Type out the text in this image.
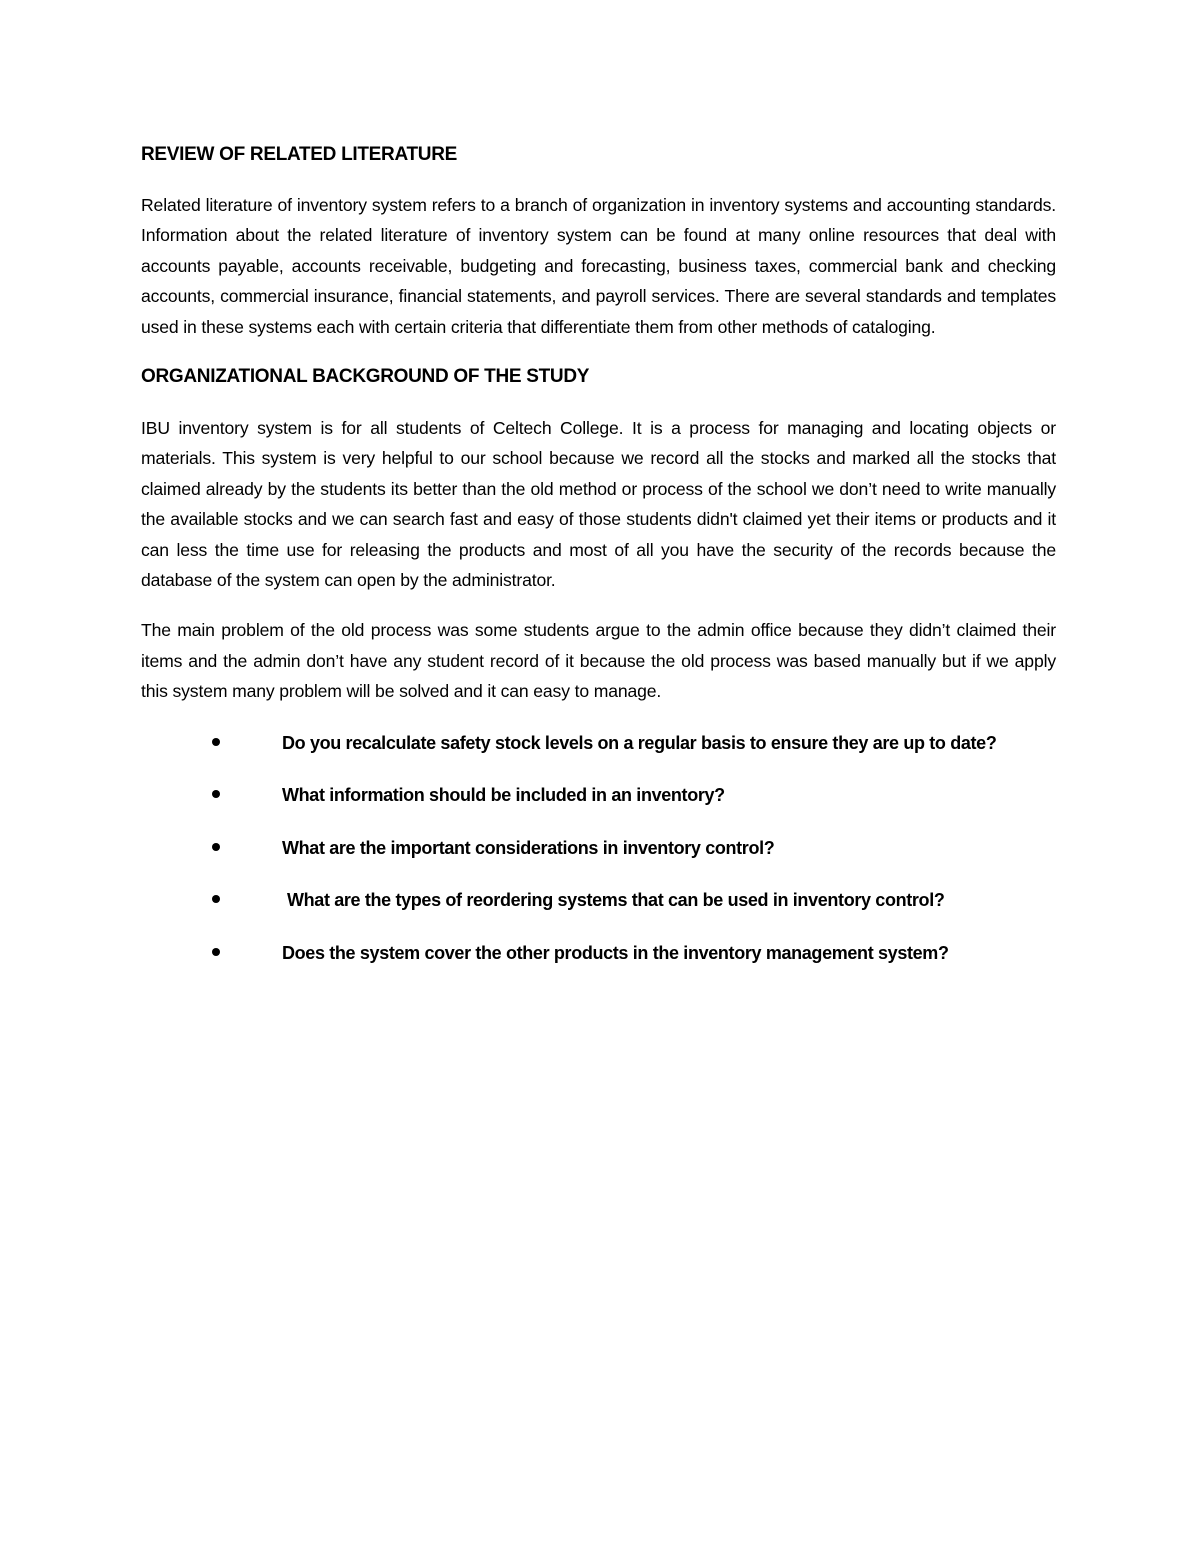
REVIEW OF RELATED LITERATURE

Related literature of inventory system refers to a branch of organization in inventory systems and accounting standards. Information about the related literature of inventory system can be found at many online resources that deal with accounts payable, accounts receivable, budgeting and forecasting, business taxes, commercial bank and checking accounts, commercial insurance, financial statements, and payroll services. There are several standards and templates used in these systems each with certain criteria that differentiate them from other methods of cataloging.

ORGANIZATIONAL BACKGROUND OF THE STUDY

IBU inventory system is for all students of Celtech College. It is a process for managing and locating objects or materials. This system is very helpful to our school because we record all the stocks and marked all the stocks that claimed already by the students its better than the old method or process of the school we don’t need to write manually the available stocks and we can search fast and easy of those students didn't claimed yet their items or products and it can less the time use for releasing the products and most of all you have the security of the records because the database of the system can open by the administrator.

The main problem of the old process was some students argue to the admin office because they didn’t claimed their items and the admin don’t have any student record of it because the old process was based manually but if we apply this system many problem will be solved and it can easy to manage.

Do you recalculate safety stock levels on a regular basis to ensure they are up to date?
What information should be included in an inventory?
What are the important considerations in inventory control?
What are the types of reordering systems that can be used in inventory control?
Does the system cover the other products in the inventory management system?
